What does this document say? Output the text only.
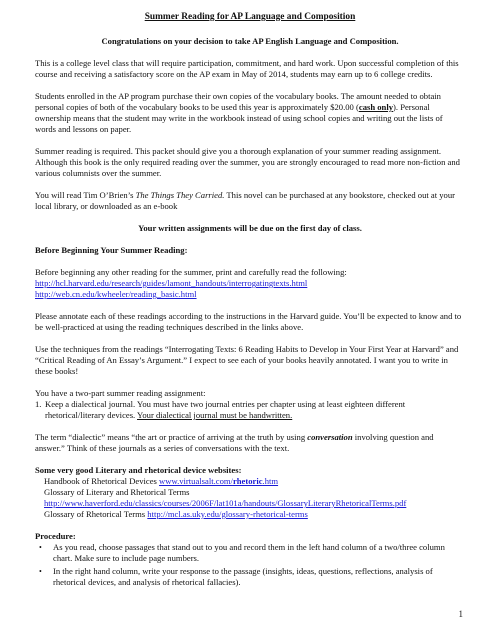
Summer Reading for AP Language and Composition
Congratulations on your decision to take AP English Language and Composition.

This is a college level class that will require participation, commitment, and hard work. Upon successful completion of this course and receiving a satisfactory score on the AP exam in May of 2014, students may earn up to 6 college credits.

Students enrolled in the AP program purchase their own copies of the vocabulary books. The amount needed to obtain personal copies of both of the vocabulary books to be used this year is approximately $20.00 (cash only). Personal ownership means that the student may write in the workbook instead of using school copies and writing out the lists of words and lessons on paper.

Summer reading is required. This packet should give you a thorough explanation of your summer reading assignment. Although this book is the only required reading over the summer, you are strongly encouraged to read more non-fiction and various columnists over the summer.

You will read Tim O’Brien’s The Things They Carried. This novel can be purchased at any bookstore, checked out at your local library, or downloaded as an e-book

Your written assignments will be due on the first day of class.

Before Beginning Your Summer Reading:

Before beginning any other reading for the summer, print and carefully read the following:

http://hcl.harvard.edu/research/guides/lamont_handouts/interrogatingtexts.html

http://web.cn.edu/kwheeler/reading_basic.html

Please annotate each of these readings according to the instructions in the Harvard guide. You’ll be expected to know and to be well-practiced at using the reading techniques described in the links above.

Use the techniques from the readings “Interrogating Texts: 6 Reading Habits to Develop in Your First Year at Harvard” and “Critical Reading of An Essay’s Argument.” I expect to see each of your books heavily annotated. I want you to write in these books!

You have a two-part summer reading assignment:

1. Keep a dialectical journal. You must have two journal entries per chapter using at least eighteen different rhetorical/literary devices. Your dialectical journal must be handwritten.

The term “dialectic” means “the art or practice of arriving at the truth by using conversation involving question and answer.” Think of these journals as a series of conversations with the text.

Some very good Literary and rhetorical device websites:
Handbook of Rhetorical Devices www.virtualsalt.com/rhetoric.htm
Glossary of Literary and Rhetorical Terms
http://www.haverford.edu/classics/courses/2006F/lat101a/handouts/GlossaryLiteraryRhetoricalTerms.pdf
Glossary of Rhetorical Terms http://mcl.as.uky.edu/glossary-rhetorical-terms
Procedure:
•	As you read, choose passages that stand out to you and record them in the left hand column of a two/three column chart. Make sure to include page numbers.
•	In the right hand column, write your response to the passage (insights, ideas, questions, reflections, analysis of rhetorical devices, and analysis of rhetorical fallacies).
1
